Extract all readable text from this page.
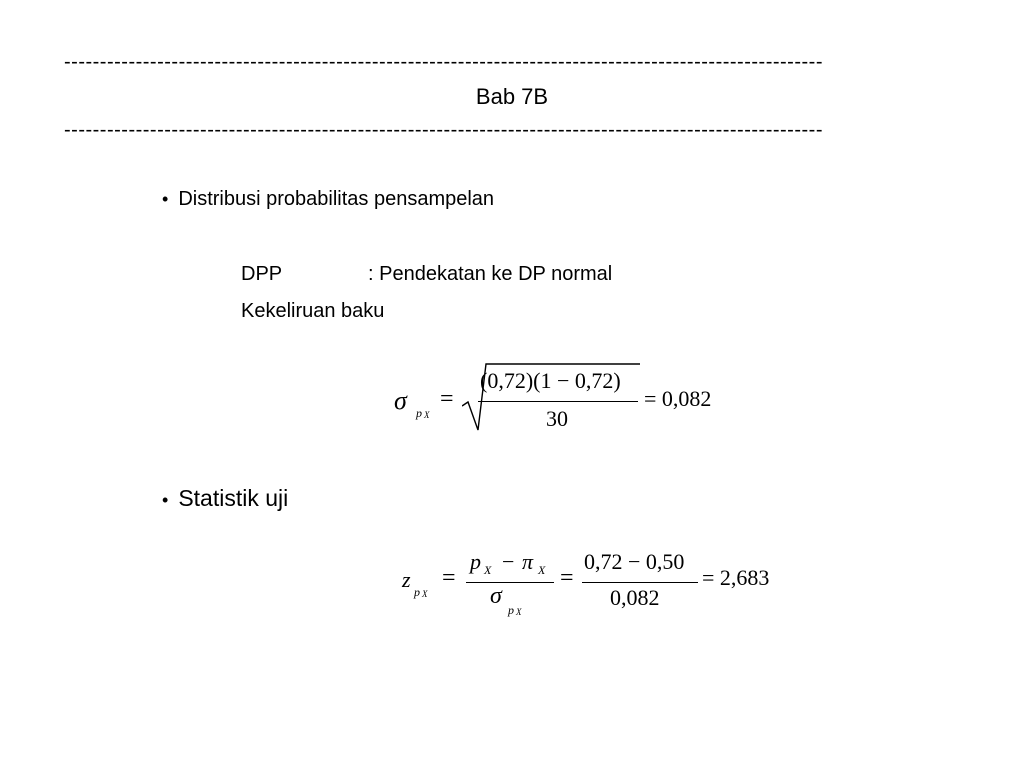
----------------------------------------------------------------------------------------------------------
Bab 7B
----------------------------------------------------------------------------------------------------------
• Distribusi probabilitas pensampelan
DPP	: Pendekatan ke DP normal
Kekeliruan baku
σ p X
=
(0,72)(1 − 0,72)
30
= 0,082
• Statistik uji
z p X
=
p X − π X
σ
p X
=
0,72 − 0,50
0,082
= 2,683
